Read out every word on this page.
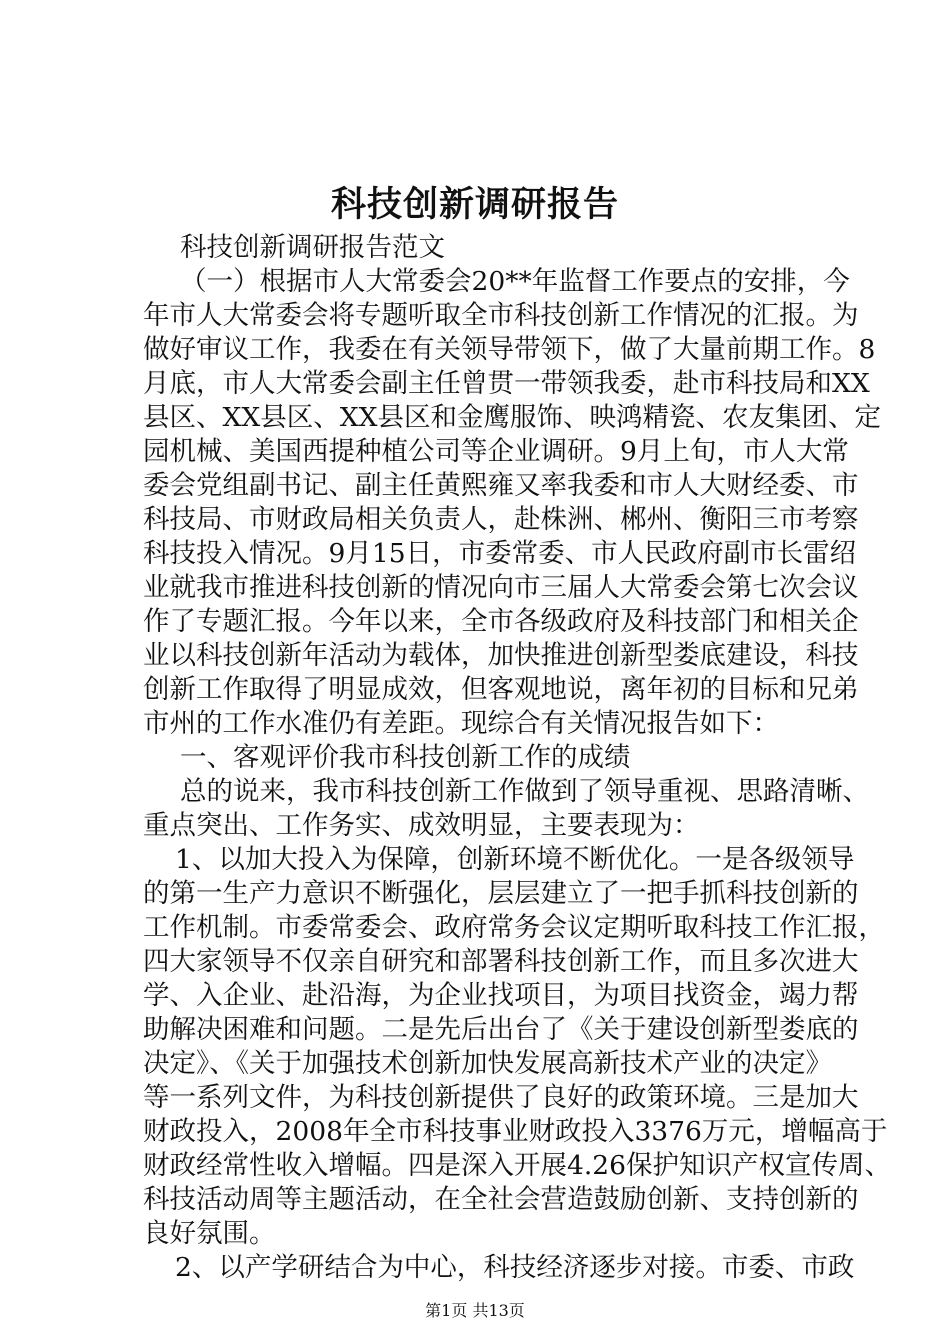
科技创新调研报告
科技创新调研报告范文
（一）根据市人大常委会20**年监督工作要点的安排，今
年市人大常委会将专题听取全市科技创新工作情况的汇报。为
做好审议工作，我委在有关领导带领下，做了大量前期工作。8
月底，市人大常委会副主任曾贯一带领我委，赴市科技局和XX
县区、XX县区、XX县区和金鹰服饰、映鸿精瓷、农友集团、定
园机械、美国西提种植公司等企业调研。9月上旬，市人大常
委会党组副书记、副主任黄熙雍又率我委和市人大财经委、市
科技局、市财政局相关负责人，赴株洲、郴州、衡阳三市考察
科技投入情况。9月15日，市委常委、市人民政府副市长雷绍
业就我市推进科技创新的情况向市三届人大常委会第七次会议
作了专题汇报。今年以来，全市各级政府及科技部门和相关企
业以科技创新年活动为载体，加快推进创新型娄底建设，科技
创新工作取得了明显成效，但客观地说，离年初的目标和兄弟
市州的工作水准仍有差距。现综合有关情况报告如下：
一、客观评价我市科技创新工作的成绩
总的说来，我市科技创新工作做到了领导重视、思路清晰、
重点突出、工作务实、成效明显，主要表现为：
1、以加大投入为保障，创新环境不断优化。一是各级领导
的第一生产力意识不断强化，层层建立了一把手抓科技创新的
工作机制。市委常委会、政府常务会议定期听取科技工作汇报，
四大家领导不仅亲自研究和部署科技创新工作，而且多次进大
学、入企业、赴沿海，为企业找项目，为项目找资金，竭力帮
助解决困难和问题。二是先后出台了《关于建设创新型娄底的
决定》、《关于加强技术创新加快发展高新技术产业的决定》
等一系列文件，为科技创新提供了良好的政策环境。三是加大
财政投入，2008年全市科技事业财政投入3376万元，增幅高于
财政经常性收入增幅。四是深入开展4.26保护知识产权宣传周、
科技活动周等主题活动，在全社会营造鼓励创新、支持创新的
良好氛围。
2、以产学研结合为中心，科技经济逐步对接。市委、市政
第1页 共13页
